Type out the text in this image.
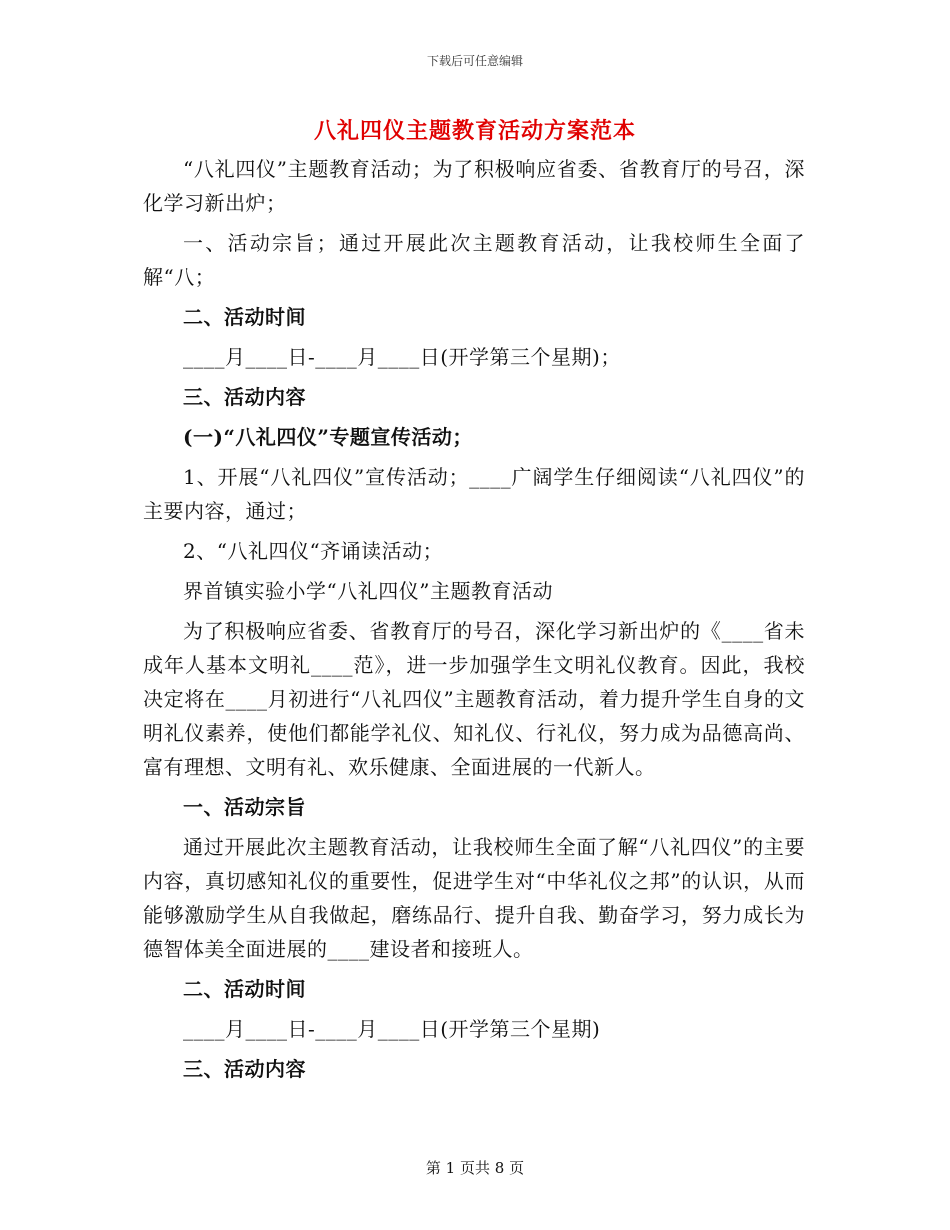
下载后可任意编辑
八礼四仪主题教育活动方案范本

“八礼四仪”主题教育活动；为了积极响应省委、省教育厅的号召，深化学习新出炉；

一、活动宗旨；通过开展此次主题教育活动，让我校师生全面了解“八；

二、活动时间

____月____日-____月____日(开学第三个星期)；

三、活动内容

(一)“八礼四仪”专题宣传活动；

1、开展“八礼四仪”宣传活动；____广阔学生仔细阅读“八礼四仪”的主要内容，通过；

2、“八礼四仪“齐诵读活动；

界首镇实验小学“八礼四仪”主题教育活动

为了积极响应省委、省教育厅的号召，深化学习新出炉的《____省未成年人基本文明礼____范》，进一步加强学生文明礼仪教育。因此，我校决定将在____月初进行“八礼四仪”主题教育活动，着力提升学生自身的文明礼仪素养，使他们都能学礼仪、知礼仪、行礼仪，努力成为品德高尚、富有理想、文明有礼、欢乐健康、全面进展的一代新人。

一、活动宗旨

通过开展此次主题教育活动，让我校师生全面了解“八礼四仪”的主要内容，真切感知礼仪的重要性，促进学生对“中华礼仪之邦”的认识，从而能够激励学生从自我做起，磨练品行、提升自我、勤奋学习，努力成长为德智体美全面进展的____建设者和接班人。

二、活动时间

____月____日-____月____日(开学第三个星期)

三、活动内容

第 1 页共 8 页
